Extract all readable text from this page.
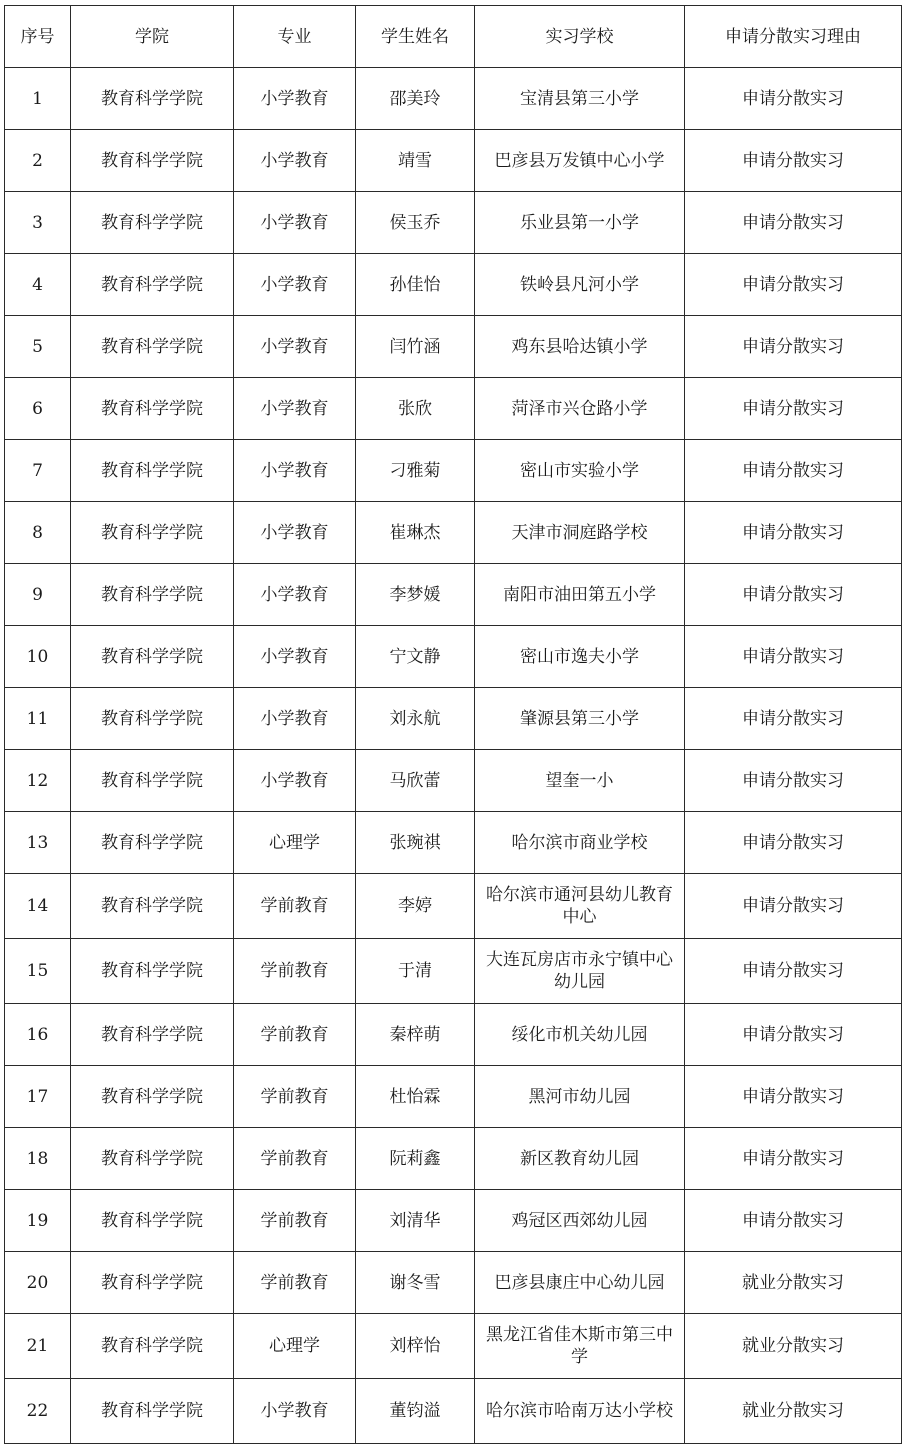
序号	学院	专业	学生姓名	实习学校	申请分散实习理由
1	教育科学学院	小学教育	邵美玲	宝清县第三小学	申请分散实习
2	教育科学学院	小学教育	靖雪	巴彦县万发镇中心小学	申请分散实习
3	教育科学学院	小学教育	侯玉乔	乐业县第一小学	申请分散实习
4	教育科学学院	小学教育	孙佳怡	铁岭县凡河小学	申请分散实习
5	教育科学学院	小学教育	闫竹涵	鸡东县哈达镇小学	申请分散实习
6	教育科学学院	小学教育	张欣	菏泽市兴仓路小学	申请分散实习
7	教育科学学院	小学教育	刁雅菊	密山市实验小学	申请分散实习
8	教育科学学院	小学教育	崔琳杰	天津市洞庭路学校	申请分散实习
9	教育科学学院	小学教育	李梦媛	南阳市油田第五小学	申请分散实习
10	教育科学学院	小学教育	宁文静	密山市逸夫小学	申请分散实习
11	教育科学学院	小学教育	刘永航	肇源县第三小学	申请分散实习
12	教育科学学院	小学教育	马欣蕾	望奎一小	申请分散实习
13	教育科学学院	心理学	张琬祺	哈尔滨市商业学校	申请分散实习
14	教育科学学院	学前教育	李婷	哈尔滨市通河县幼儿教育中心	申请分散实习
15	教育科学学院	学前教育	于清	大连瓦房店市永宁镇中心幼儿园	申请分散实习
16	教育科学学院	学前教育	秦梓萌	绥化市机关幼儿园	申请分散实习
17	教育科学学院	学前教育	杜怡霖	黑河市幼儿园	申请分散实习
18	教育科学学院	学前教育	阮莉鑫	新区教育幼儿园	申请分散实习
19	教育科学学院	学前教育	刘清华	鸡冠区西郊幼儿园	申请分散实习
20	教育科学学院	学前教育	谢冬雪	巴彦县康庄中心幼儿园	就业分散实习
21	教育科学学院	心理学	刘梓怡	黑龙江省佳木斯市第三中学	就业分散实习
22	教育科学学院	小学教育	董钧溢	哈尔滨市哈南万达小学校	就业分散实习
